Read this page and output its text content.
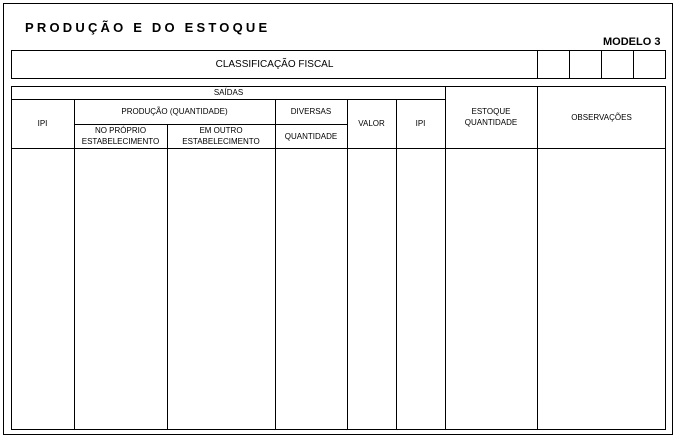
PRODUÇÃO E DO ESTOQUE
MODELO 3
CLASSIFICAÇÃO FISCAL
SAÍDAS
IPI
PRODUÇÃO (QUANTIDADE)
NO PRÓPRIO
ESTABELECIMENTO
EM OUTRO
ESTABELECIMENTO
DIVERSAS
QUANTIDADE
VALOR	IPI
ESTOQUE
QUANTIDADE
OBSERVAÇÕES
